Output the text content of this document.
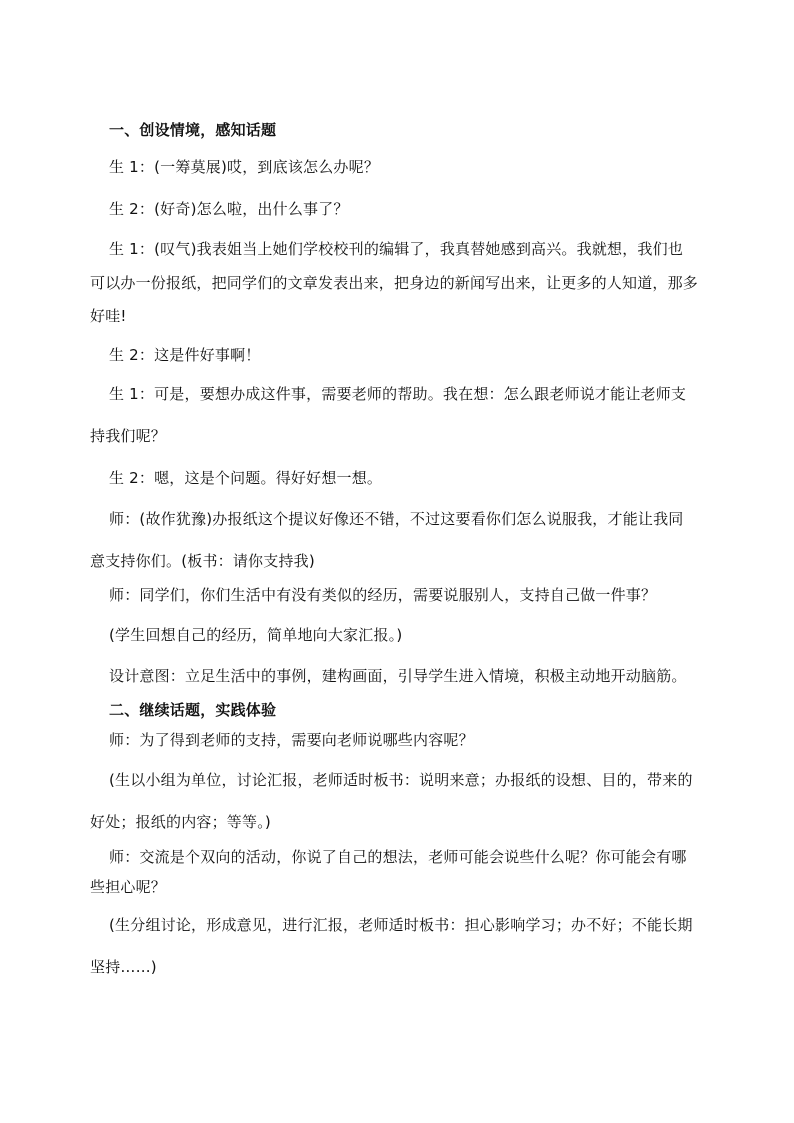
一、创设情境，感知话题
生 1：(一筹莫展)哎，到底该怎么办呢？
生 2：(好奇)怎么啦，出什么事了？
生 1：(叹气)我表姐当上她们学校校刊的编辑了，我真替她感到高兴。我就想，我们也
可以办一份报纸，把同学们的文章发表出来，把身边的新闻写出来，让更多的人知道，那多
好哇!
生 2：这是件好事啊！
生 1：可是，要想办成这件事，需要老师的帮助。我在想：怎么跟老师说才能让老师支
持我们呢？
生 2：嗯，这是个问题。得好好想一想。
师：(故作犹豫)办报纸这个提议好像还不错，不过这要看你们怎么说服我，才能让我同
意支持你们。(板书：请你支持我)
师：同学们，你们生活中有没有类似的经历，需要说服别人，支持自己做一件事？
(学生回想自己的经历，简单地向大家汇报。)
设计意图：立足生活中的事例，建构画面，引导学生进入情境，积极主动地开动脑筋。
二、继续话题，实践体验
师：为了得到老师的支持，需要向老师说哪些内容呢？
(生以小组为单位，讨论汇报，老师适时板书：说明来意；办报纸的设想、目的，带来的
好处；报纸的内容；等等。)
师：交流是个双向的活动，你说了自己的想法，老师可能会说些什么呢？你可能会有哪
些担心呢？
(生分组讨论，形成意见，进行汇报，老师适时板书：担心影响学习；办不好；不能长期
坚持……)
